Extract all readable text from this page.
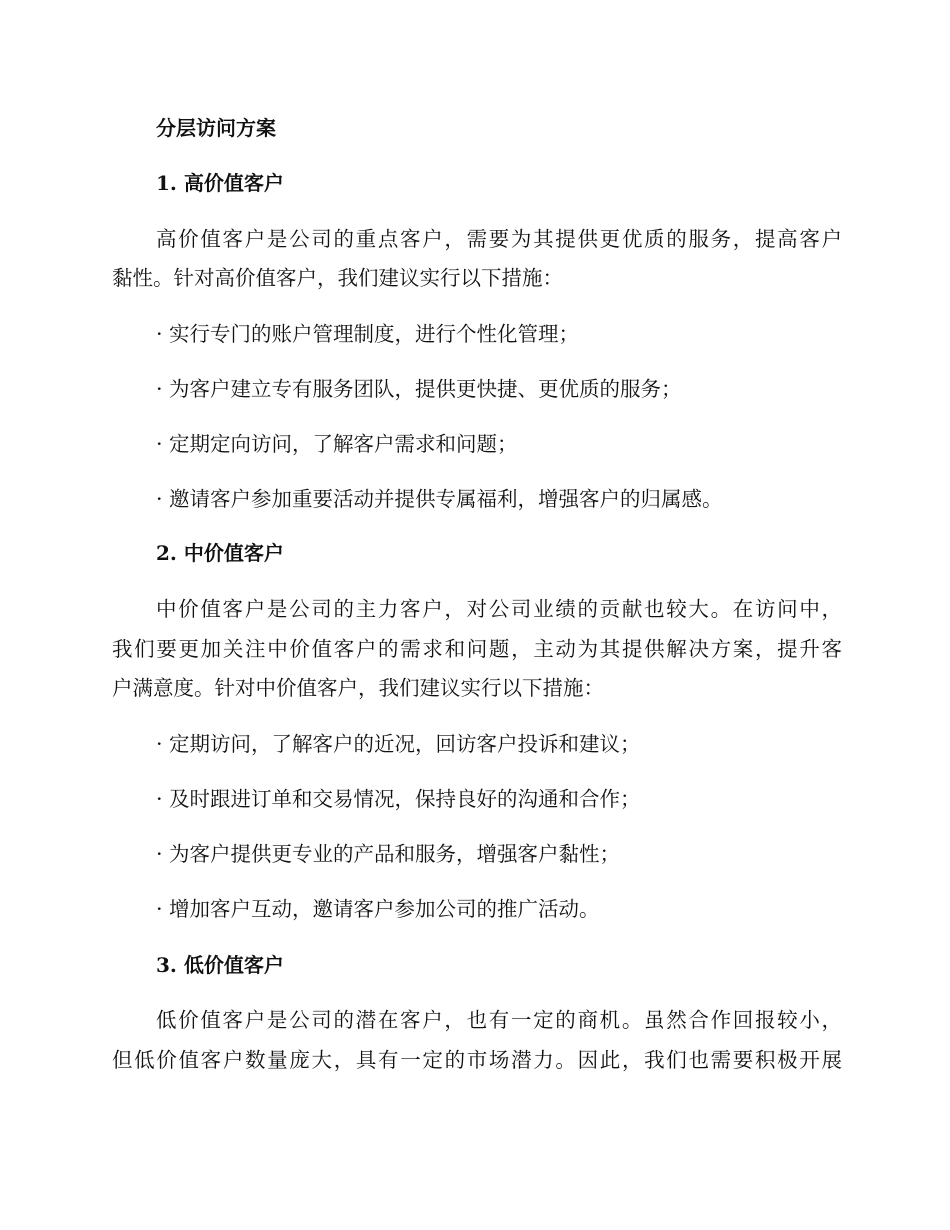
分层访问方案
1. 高价值客户
高价值客户是公司的重点客户，需要为其提供更优质的服务，提高客户
黏性。针对高价值客户，我们建议实行以下措施：
· 实行专门的账户管理制度，进行个性化管理；
· 为客户建立专有服务团队，提供更快捷、更优质的服务；
· 定期定向访问，了解客户需求和问题；
· 邀请客户参加重要活动并提供专属福利，增强客户的归属感。
2. 中价值客户
中价值客户是公司的主力客户，对公司业绩的贡献也较大。在访问中，
我们要更加关注中价值客户的需求和问题，主动为其提供解决方案，提升客
户满意度。针对中价值客户，我们建议实行以下措施：
· 定期访问，了解客户的近况，回访客户投诉和建议；
· 及时跟进订单和交易情况，保持良好的沟通和合作；
· 为客户提供更专业的产品和服务，增强客户黏性；
· 增加客户互动，邀请客户参加公司的推广活动。
3. 低价值客户
低价值客户是公司的潜在客户，也有一定的商机。虽然合作回报较小，
但低价值客户数量庞大，具有一定的市场潜力。因此，我们也需要积极开展
